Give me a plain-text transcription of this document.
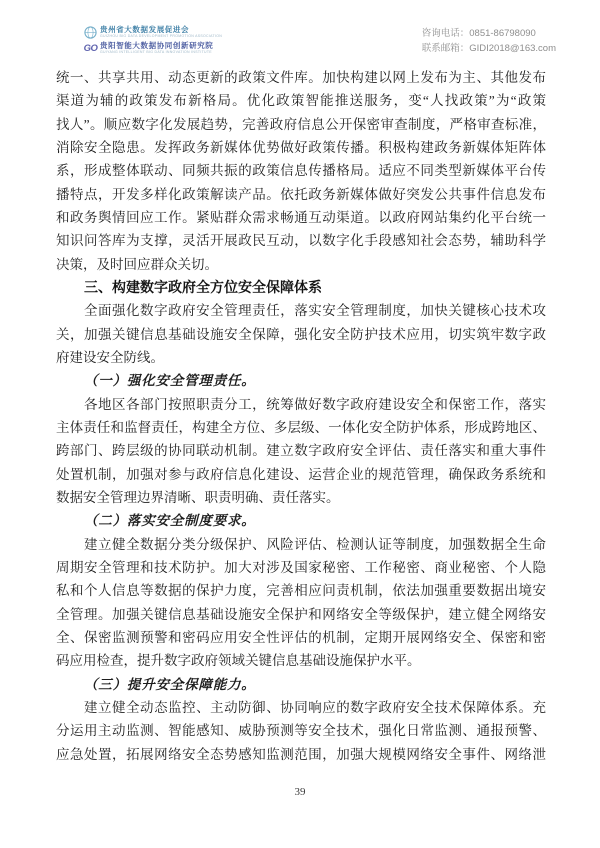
贵州省大数据发展促进会
GUIZHOU BIG DATA DEVELOPMENT PROMOTION ASSOCIATION
GO 贵阳智能大数据协同创新研究院
GUIYANG INTELLIGENT BIG DATA INNOVATION INSTITUTE
咨询电话：0851-86798090
联系邮箱：GIDI2018@163.com
统一、共享共用、动态更新的政策文件库。加快构建以网上发布为主、其他发布
渠道为辅的政策发布新格局。优化政策智能推送服务，变“人找政策”为“政策
找人”。顺应数字化发展趋势，完善政府信息公开保密审查制度，严格审查标准，
消除安全隐患。发挥政务新媒体优势做好政策传播。积极构建政务新媒体矩阵体
系，形成整体联动、同频共振的政策信息传播格局。适应不同类型新媒体平台传
播特点，开发多样化政策解读产品。依托政务新媒体做好突发公共事件信息发布
和政务舆情回应工作。紧贴群众需求畅通互动渠道。以政府网站集约化平台统一
知识问答库为支撑，灵活开展政民互动，以数字化手段感知社会态势，辅助科学
决策，及时回应群众关切。
三、构建数字政府全方位安全保障体系
全面强化数字政府安全管理责任，落实安全管理制度，加快关键核心技术攻
关，加强关键信息基础设施安全保障，强化安全防护技术应用，切实筑牢数字政
府建设安全防线。
（一）强化安全管理责任。
各地区各部门按照职责分工，统筹做好数字政府建设安全和保密工作，落实
主体责任和监督责任，构建全方位、多层级、一体化安全防护体系，形成跨地区、
跨部门、跨层级的协同联动机制。建立数字政府安全评估、责任落实和重大事件
处置机制，加强对参与政府信息化建设、运营企业的规范管理，确保政务系统和
数据安全管理边界清晰、职责明确、责任落实。
（二）落实安全制度要求。
建立健全数据分类分级保护、风险评估、检测认证等制度，加强数据全生命
周期安全管理和技术防护。加大对涉及国家秘密、工作秘密、商业秘密、个人隐
私和个人信息等数据的保护力度，完善相应问责机制，依法加强重要数据出境安
全管理。加强关键信息基础设施安全保护和网络安全等级保护，建立健全网络安
全、保密监测预警和密码应用安全性评估的机制，定期开展网络安全、保密和密
码应用检查，提升数字政府领域关键信息基础设施保护水平。
（三）提升安全保障能力。
建立健全动态监控、主动防御、协同响应的数字政府安全技术保障体系。充
分运用主动监测、智能感知、威胁预测等安全技术，强化日常监测、通报预警、
应急处置，拓展网络安全态势感知监测范围，加强大规模网络安全事件、网络泄
39
